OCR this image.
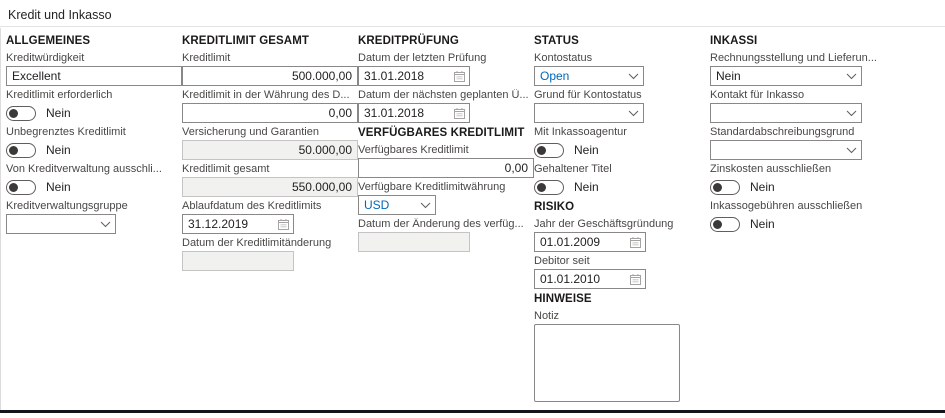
Kredit und Inkasso
ALLGEMEINES
Kreditwürdigkeit
Excellent
Kreditlimit erforderlich
Nein
Unbegrenztes Kreditlimit
Nein
Von Kreditverwaltung ausschli...
Nein
Kreditverwaltungsgruppe
KREDITLIMIT GESAMT
Kreditlimit
500.000,00
Kreditlimit in der Währung des D...
0,00
Versicherung und Garantien
50.000,00
Kreditlimit gesamt
550.000,00
Ablaufdatum des Kreditlimits
31.12.2019
Datum der Kreditlimitänderung
KREDITPRÜFUNG
Datum der letzten Prüfung
31.01.2018
Datum der nächsten geplanten Ü...
31.01.2018
VERFÜGBARES KREDITLIMIT
Verfügbares Kreditlimit
0,00
Verfügbare Kreditlimitwährung
USD
Datum der Änderung des verfüg...
STATUS
Kontostatus
Open
Grund für Kontostatus
Mit Inkassoagentur
Nein
Gehaltener Titel
Nein
RISIKO
Jahr der Geschäftsgründung
01.01.2009
Debitor seit
01.01.2010
HINWEISE
Notiz
INKASSI
Rechnungsstellung und Lieferun...
Nein
Kontakt für Inkasso
Standardabschreibungsgrund
Zinskosten ausschließen
Nein
Inkassogebühren ausschließen
Nein
